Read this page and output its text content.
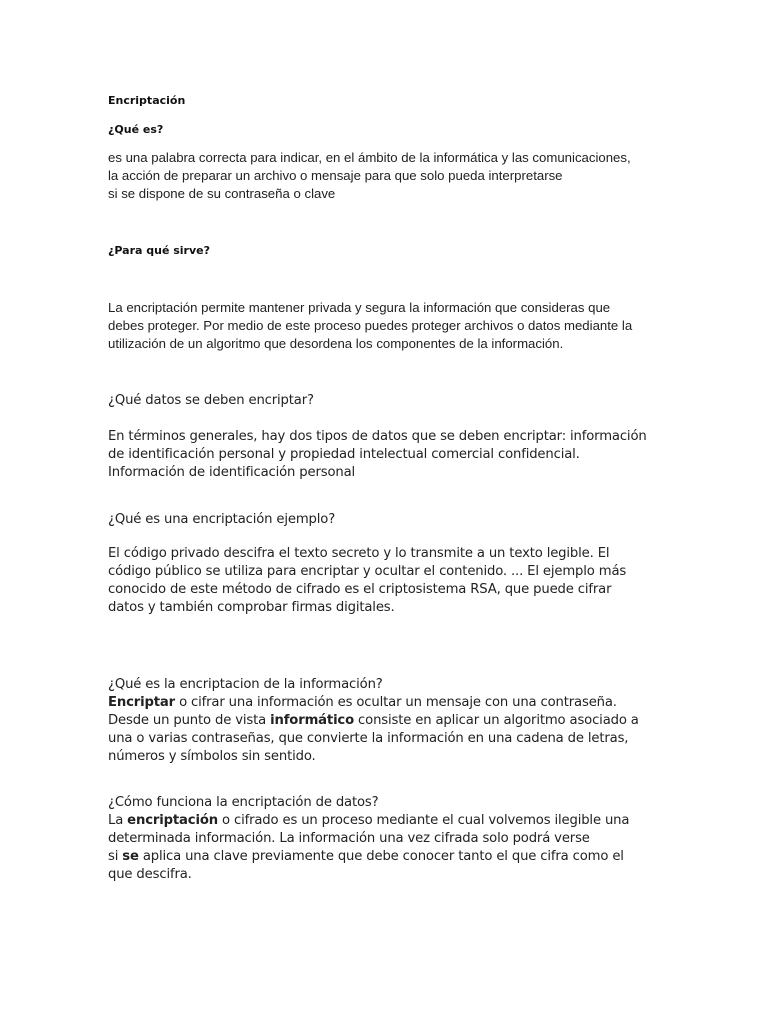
Encriptación

¿Qué es?

es una palabra correcta para indicar, en el ámbito de la informática y las comunicaciones,
la acción de preparar un archivo o mensaje para que solo pueda interpretarse
si se dispone de su contraseña o clave

¿Para qué sirve?

La encriptación permite mantener privada y segura la información que consideras que
debes proteger. Por medio de este proceso puedes proteger archivos o datos mediante la
utilización de un algoritmo que desordena los componentes de la información.

¿Qué datos se deben encriptar?

En términos generales, hay dos tipos de datos que se deben encriptar: información
de identificación personal y propiedad intelectual comercial confidencial.
Información de identificación personal

¿Qué es una encriptación ejemplo?

El código privado descifra el texto secreto y lo transmite a un texto legible. El
código público se utiliza para encriptar y ocultar el contenido. ... El ejemplo más
conocido de este método de cifrado es el criptosistema RSA, que puede cifrar
datos y también comprobar firmas digitales.
¿Qué es la encriptacion de la información?
Encriptar o cifrar una información es ocultar un mensaje con una contraseña.
Desde un punto de vista informático consiste en aplicar un algoritmo asociado a
una o varias contraseñas, que convierte la información en una cadena de letras,
números y símbolos sin sentido.
¿Cómo funciona la encriptación de datos?
La encriptación o cifrado es un proceso mediante el cual volvemos ilegible una
determinada información. La información una vez cifrada solo podrá verse
si se aplica una clave previamente que debe conocer tanto el que cifra como el
que descifra.
